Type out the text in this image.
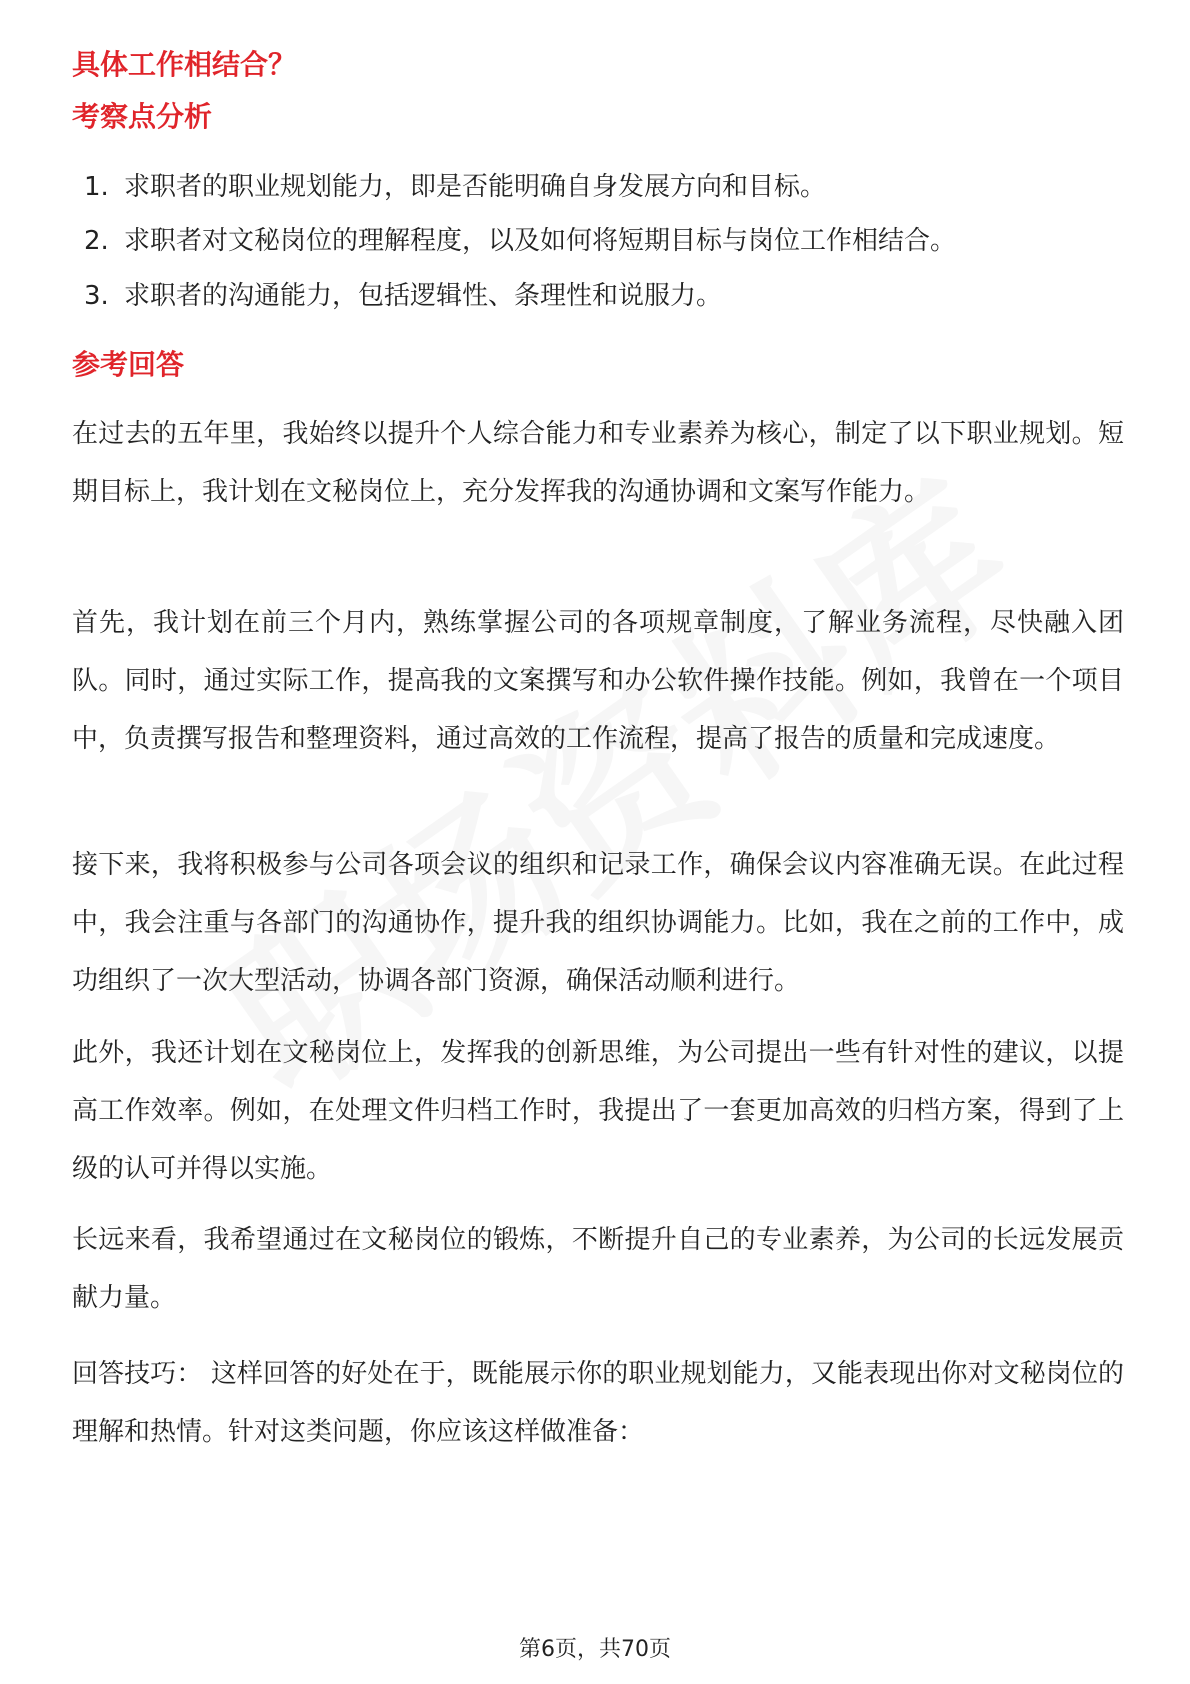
具体工作相结合？
考察点分析
1. 求职者的职业规划能力，即是否能明确自身发展方向和目标。
2. 求职者对文秘岗位的理解程度，以及如何将短期目标与岗位工作相结合。
3. 求职者的沟通能力，包括逻辑性、条理性和说服力。
参考回答

在过去的五年里，我始终以提升个人综合能力和专业素养为核心，制定了以下职业规划。短期目标上，我计划在文秘岗位上，充分发挥我的沟通协调和文案写作能力。

首先，我计划在前三个月内，熟练掌握公司的各项规章制度，了解业务流程，尽快融入团队。同时，通过实际工作，提高我的文案撰写和办公软件操作技能。例如，我曾在一个项目中，负责撰写报告和整理资料，通过高效的工作流程，提高了报告的质量和完成速度。

接下来，我将积极参与公司各项会议的组织和记录工作，确保会议内容准确无误。在此过程中，我会注重与各部门的沟通协作，提升我的组织协调能力。比如，我在之前的工作中，成功组织了一次大型活动，协调各部门资源，确保活动顺利进行。

此外，我还计划在文秘岗位上，发挥我的创新思维，为公司提出一些有针对性的建议，以提高工作效率。例如，在处理文件归档工作时，我提出了一套更加高效的归档方案，得到了上级的认可并得以实施。

长远来看，我希望通过在文秘岗位的锻炼，不断提升自己的专业素养，为公司的长远发展贡献力量。

回答技巧： 这样回答的好处在于，既能展示你的职业规划能力，又能表现出你对文秘岗位的理解和热情。针对这类问题，你应该这样做准备：

第6页，共70页
